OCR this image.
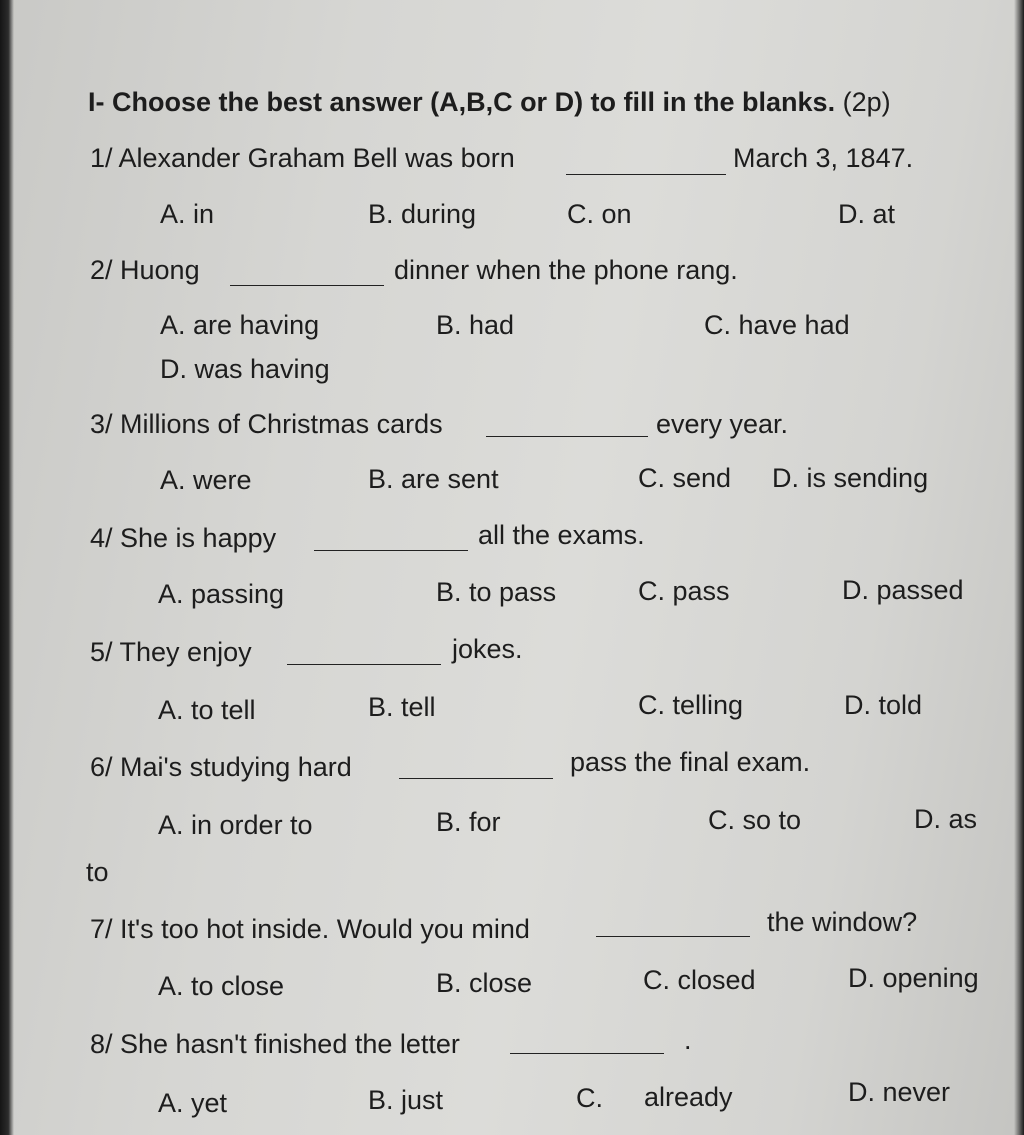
I- Choose the best answer (A,B,C or D) to fill in the blanks. (2p)
1/ Alexander Graham Bell was born	March 3, 1847.
A. in	B. during	C. on	D. at
2/ Huong	dinner when the phone rang.
A. are having	B. had	C. have had
D. was having
3/ Millions of Christmas cards	every year.
A. were	B. are sent	C. send D. is sending
4/ She is happy	all the exams.
A. passing	B. to pass	C. pass	D. passed
5/ They enjoy	jokes.
A. to tell	B. tell	C. telling	D. told
6/ Mai's studying hard	pass the final exam.
A. in order to	B. for	C. so to	D. as
to
7/ It's too hot inside. Would you mind	the window?
A. to close	B. close	C. closed	D. opening
8/ She hasn't finished the letter	.
A. yet	B. just	C. already	D. never
